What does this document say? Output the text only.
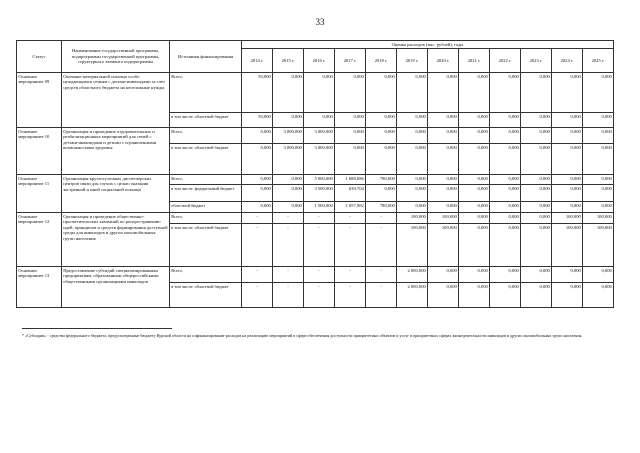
33
Статус	Наименование государственной программы, подпрограммы государственной программы, структурного элемента подпрограммы	Источники финансирования	Оценка расходов (тыс. рублей), годы											
			2014 г.	2015 г.	2016 г.	2017 г.	2018 г.	2019 г.	2020 г.	2021 г.	2022 г.	2023 г.	2024 г.	2025 г.
Основное мероприятие 09	Оказание материальной помощи особо нуждающимся семьям с детьми-инвалидами за счет средств областного бюджета на неотложные нужды	Всего,	50,000	0,000	0,000	0,000	0,000	0,000	0,000	0,000	0,000	0,000	0,000	0,000
		в том числе: областной бюджет	50,000	0,000	0,000	0,000	0,000	0,000	0,000	0,000	0,000	0,000	0,000	0,000
Основное мероприятие 10	Организация и проведение оздоровительных и реабилитационных мероприятий для семей с детьми-инвалидами и детьми с ограниченными возможностями здоровья	Всего,	0,000	3 000,000	3 000,000	0,000	0,000	0,000	0,000	0,000	0,000	0,000	0,000	0,000
		в том числе: областной бюджет	0,000	3 000,000	3 000,000	0,000	0,000	0,000	0,000	0,000	0,000	0,000	0,000	0,000
Основное мероприятие 11	Организация круглосуточных диспетчерских центров связи для глухих с целью оказания экстренной и иной социальной помощи	Всего,	0,000	0,000	5 000,000	1 688,686	780,000	0,000	0,000	0,000	0,000	0,000	0,000	0,000
		в том числе: федеральный бюджет	0,000	0,000	3 500,000	630,704	0,000	0,000	0,000	0,000	0,000	0,000	0,000	0,000
		областной бюджет	0,000	0,000	1 500,000	1 057,982	780,000	0,000	0,000	0,000	0,000	0,000	0,000	0,000
Основное мероприятие 12	Организация и проведение общественно-просветительских кампаний по распространению идей, принципов и средств формирования доступной среды для инвалидов и других маломобильных групп населения	Всего,	-	-	-	-	-	100,000	100,000	0,000	0,000	0,000	100,000	100,000
		в том числе: областной бюджет	-	-	-	-	-	100,000	100,000	0,000	0,000	0,000	100,000	100,000
Основное мероприятие 13	Предоставление субсидий специализированным предприятиям, образованным общероссийскими общественными организациями инвалидов	Всего,	-	-	-	-	-	2 000,000	0,000	0,000	0,000	0,000	0,000	0,000
		в том числе: областной бюджет	-	-	-	-	-	2 000,000	0,000	0,000	0,000	0,000	0,000	0,000
* «Субсидии» - средства федерального бюджета, предусмотренные бюджету Курской области на софинансирование расходов на реализацию мероприятий в сфере обеспечения доступности приоритетных объектов и услуг в приоритетных сферах жизнедеятельности инвалидов и других маломобильных групп населения.
